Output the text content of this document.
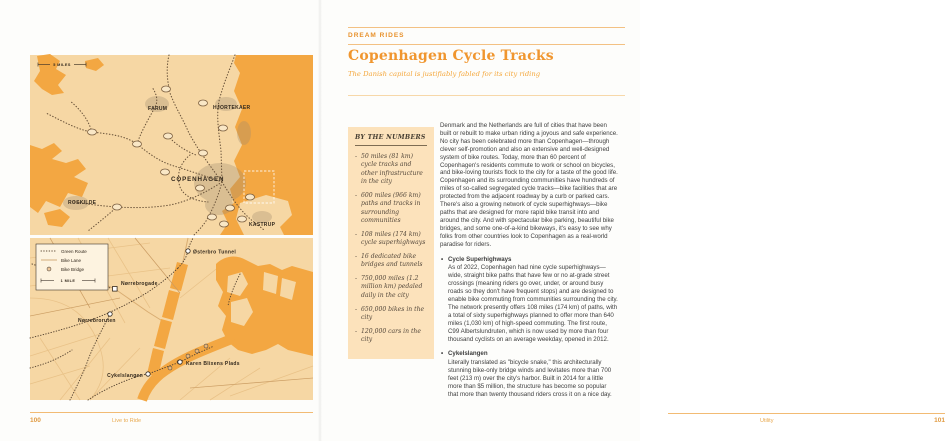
5 MILES
FARUM	HJORTEKAER
COPENHAGEN
ROSKILDE
KASTRUP
Østerbro Tunnel
Nørrebrogade
Nørrebroruten
Cykelslangen
Karen Blixens Plads
Green Route
Bike Lane
Bike Bridge
1 MILE
100	Live to Ride
DREAM RIDES
Copenhagen Cycle Tracks
The Danish capital is justifiably fabled for its city riding
BY THE NUMBERS
- 50 miles (81 km) cycle tracks and other infrastructure in the city
- 600 miles (966 km) paths and tracks in surrounding communities
- 108 miles (174 km) cycle superhighways
- 16 dedicated bike bridges and tunnels
- 750,000 miles (1.2 million km) pedaled daily in the city
- 650,000 bikes in the city
- 120,000 cars in the city

Denmark and the Netherlands are full of cities that have been built or rebuilt to make urban riding a joyous and safe experience. No city has been celebrated more than Copenhagen—through clever self-promotion and also an extensive and well-designed system of bike routes. Today, more than 60 percent of Copenhagen's residents commute to work or school on bicycles, and bike-loving tourists flock to the city for a taste of the good life. Copenhagen and its surrounding communities have hundreds of miles of so-called segregated cycle tracks—bike facilities that are protected from the adjacent roadway by a curb or parked cars. There's also a growing network of cycle superhighways—bike paths that are designed for more rapid bike transit into and around the city. And with spectacular bike parking, beautiful bike bridges, and some one-of-a-kind bikeways, it's easy to see why folks from other countries look to Copenhagen as a real-world paradise for riders.

• Cycle Superhighways
As of 2022, Copenhagen had nine cycle superhighways—wide, straight bike paths that have few or no at-grade street crossings (meaning riders go over, under, or around busy roads so they don't have frequent stops) and are designed to enable bike commuting from communities surrounding the city. The network presently offers 108 miles (174 km) of paths, with a total of sixty superhighways planned to offer more than 640 miles (1,030 km) of high-speed commuting. The first route, C99 Albertslundruten, which is now used by more than four thousand cyclists on an average weekday, opened in 2012.
• Cykelslangen
Literally translated as "bicycle snake," this architecturally stunning bike-only bridge winds and levitates more than 700 feet (213 m) over the city's harbor. Built in 2014 for a little more than $5 million, the structure has become so popular that more than twenty thousand riders cross it on a nice day.
Utility	101
